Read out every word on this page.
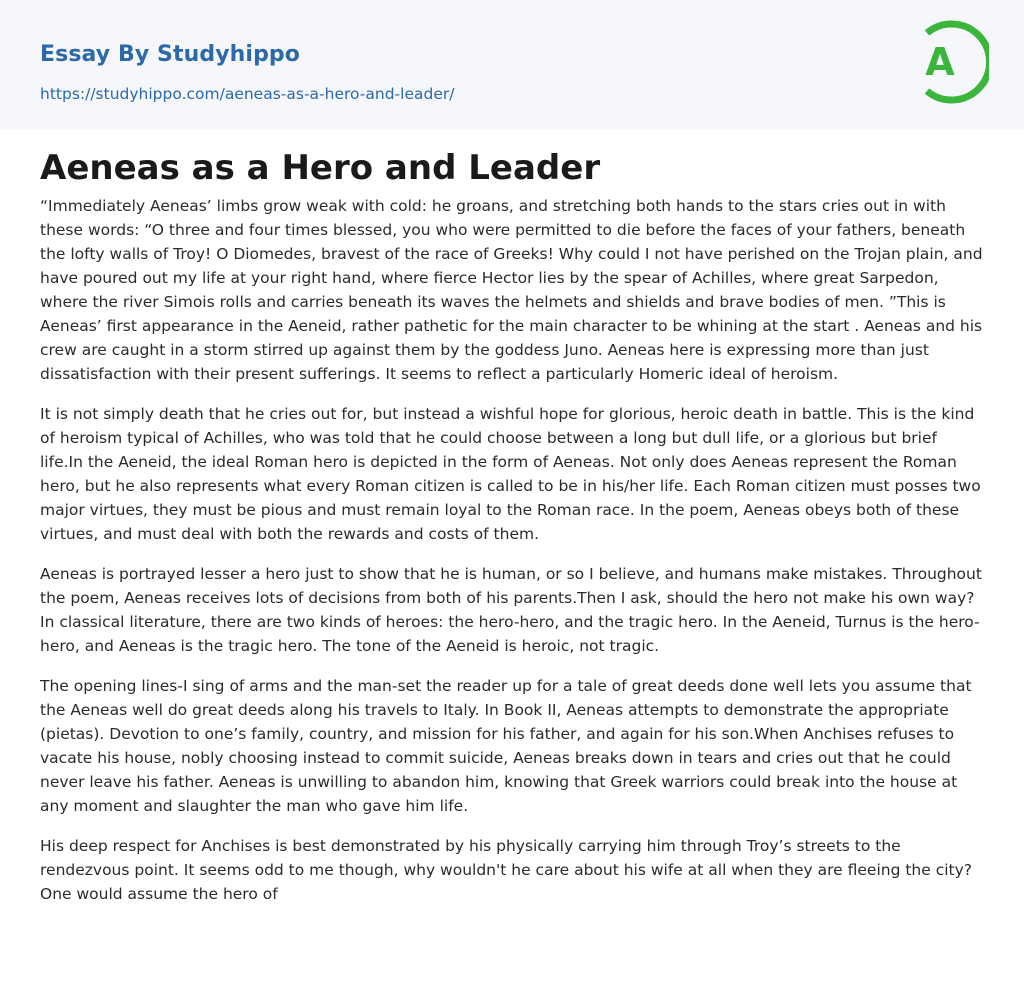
Essay By Studyhippo
https://studyhippo.com/aeneas-as-a-hero-and-leader/
A
Aeneas as a Hero and Leader

“Immediately Aeneas’ limbs grow weak with cold: he groans, and stretching both hands to the stars cries out in with these words: “O three and four times blessed, you who were permitted to die before the faces of your fathers, beneath the lofty walls of Troy! O Diomedes, bravest of the race of Greeks! Why could I not have perished on the Trojan plain, and have poured out my life at your right hand, where fierce Hector lies by the spear of Achilles, where great Sarpedon, where the river Simois rolls and carries beneath its waves the helmets and shields and brave bodies of men. ”This is Aeneas’ first appearance in the Aeneid, rather pathetic for the main character to be whining at the start . Aeneas and his crew are caught in a storm stirred up against them by the goddess Juno. Aeneas here is expressing more than just dissatisfaction with their present sufferings. It seems to reflect a particularly Homeric ideal of heroism.

It is not simply death that he cries out for, but instead a wishful hope for glorious, heroic death in battle. This is the kind of heroism typical of Achilles, who was told that he could choose between a long but dull life, or a glorious but brief life.In the Aeneid, the ideal Roman hero is depicted in the form of Aeneas. Not only does Aeneas represent the Roman hero, but he also represents what every Roman citizen is called to be in his/her life. Each Roman citizen must posses two major virtues, they must be pious and must remain loyal to the Roman race. In the poem, Aeneas obeys both of these virtues, and must deal with both the rewards and costs of them.

Aeneas is portrayed lesser a hero just to show that he is human, or so I believe, and humans make mistakes. Throughout the poem, Aeneas receives lots of decisions from both of his parents.Then I ask, should the hero not make his own way? In classical literature, there are two kinds of heroes: the hero-hero, and the tragic hero. In the Aeneid, Turnus is the hero-hero, and Aeneas is the tragic hero. The tone of the Aeneid is heroic, not tragic.

The opening lines-I sing of arms and the man-set the reader up for a tale of great deeds done well lets you assume that the Aeneas well do great deeds along his travels to Italy. In Book II, Aeneas attempts to demonstrate the appropriate (pietas). Devotion to one’s family, country, and mission for his father, and again for his son.When Anchises refuses to vacate his house, nobly choosing instead to commit suicide, Aeneas breaks down in tears and cries out that he could never leave his father. Aeneas is unwilling to abandon him, knowing that Greek warriors could break into the house at any moment and slaughter the man who gave him life.

His deep respect for Anchises is best demonstrated by his physically carrying him through Troy’s streets to the rendezvous point. It seems odd to me though, why wouldn't he care about his wife at all when they are fleeing the city?One would assume the hero of
